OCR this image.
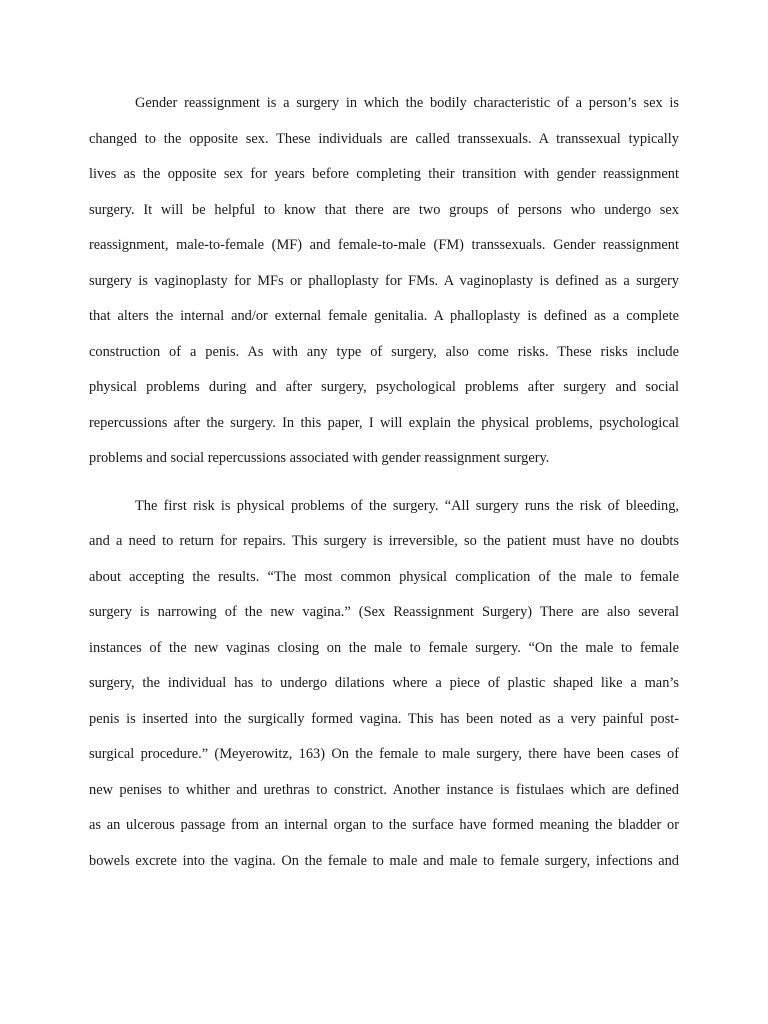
Gender reassignment is a surgery in which the bodily characteristic of a person’s sex is
changed to the opposite sex. These individuals are called transsexuals. A transsexual typically
lives as the opposite sex for years before completing their transition with gender reassignment
surgery. It will be helpful to know that there are two groups of persons who undergo sex
reassignment, male-to-female (MF) and female-to-male (FM) transsexuals. Gender reassignment
surgery is vaginoplasty for MFs or phalloplasty for FMs. A vaginoplasty is defined as a surgery
that alters the internal and/or external female genitalia. A phalloplasty is defined as a complete
construction of a penis. As with any type of surgery, also come risks. These risks include
physical problems during and after surgery, psychological problems after surgery and social
repercussions after the surgery. In this paper, I will explain the physical problems, psychological
problems and social repercussions associated with gender reassignment surgery.
The first risk is physical problems of the surgery. “All surgery runs the risk of bleeding,
and a need to return for repairs. This surgery is irreversible, so the patient must have no doubts
about accepting the results. “The most common physical complication of the male to female
surgery is narrowing of the new vagina.” (Sex Reassignment Surgery) There are also several
instances of the new vaginas closing on the male to female surgery. “On the male to female
surgery, the individual has to undergo dilations where a piece of plastic shaped like a man’s
penis is inserted into the surgically formed vagina. This has been noted as a very painful post-
surgical procedure.” (Meyerowitz, 163) On the female to male surgery, there have been cases of
new penises to whither and urethras to constrict. Another instance is fistulaes which are defined
as an ulcerous passage from an internal organ to the surface have formed meaning the bladder or
bowels excrete into the vagina. On the female to male and male to female surgery, infections and
